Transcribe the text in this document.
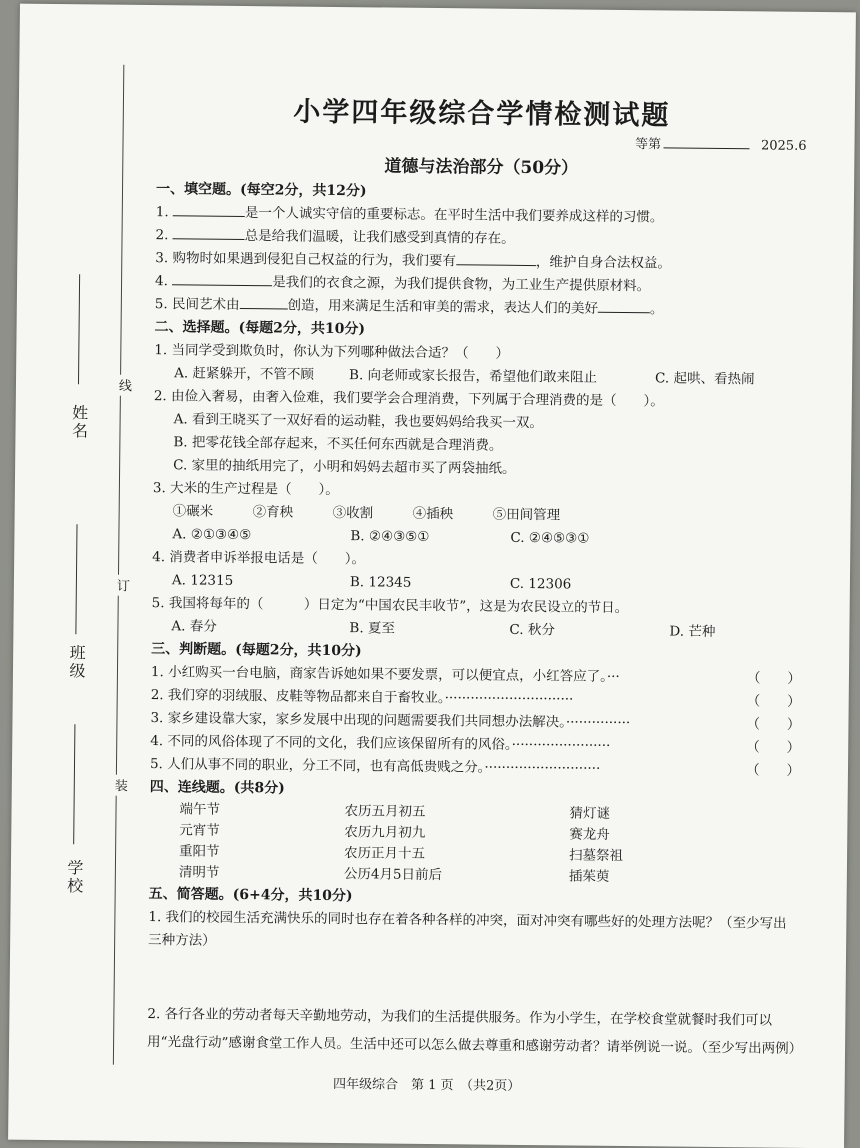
线
订
装
姓名
班级
学校

小学四年级综合学情检测试题

等第	2025.6

道德与法治部分（50分）

一、填空题。(每空2分，共12分)

1.	是一个人诚实守信的重要标志。在平时生活中我们要养成这样的习惯。

2.	总是给我们温暖，让我们感受到真情的存在。

3. 购物时如果遇到侵犯自己权益的行为，我们要有	，维护自身合法权益。

4.	是我们的衣食之源，为我们提供食物，为工业生产提供原材料。

5. 民间艺术由	创造，用来满足生活和审美的需求，表达人们的美好	。

二、选择题。(每题2分，共10分)

1. 当同学受到欺负时，你认为下列哪种做法合适？（　　）

A. 赶紧躲开，不管不顾	B. 向老师或家长报告，希望他们敢来阻止	C. 起哄、看热闹

2. 由俭入奢易，由奢入俭难，我们要学会合理消费，下列属于合理消费的是（　　）。

A. 看到王晓买了一双好看的运动鞋，我也要妈妈给我买一双。

B. 把零花钱全部存起来，不买任何东西就是合理消费。

C. 家里的抽纸用完了，小明和妈妈去超市买了两袋抽纸。

3. 大米的生产过程是（　　）。

①碾米	②育秧	③收割	④插秧	⑤田间管理

A. ②①③④⑤	B. ②④③⑤①	C. ②④⑤③①

4. 消费者申诉举报电话是（　　）。

A. 12315	B. 12345	C. 12306

5. 我国将每年的（　　　）日定为“中国农民丰收节”，这是为农民设立的节日。

A. 春分	B. 夏至	C. 秋分	D. 芒种

三、判断题。(每题2分，共10分)

1. 小红购买一台电脑，商家告诉她如果不要发票，可以便宜点，小红答应了。···	（　　）

2. 我们穿的羽绒服、皮鞋等物品都来自于畜牧业。······························	（　　）

3. 家乡建设靠大家，家乡发展中出现的问题需要我们共同想办法解决。···············	（　　）

4. 不同的风俗体现了不同的文化，我们应该保留所有的风俗。·······················	（　　）

5. 人们从事不同的职业，分工不同，也有高低贵贱之分。···························	（　　）

四、连线题。(共8分)

端午节	农历五月初五	猜灯谜
元宵节	农历九月初九	赛龙舟
重阳节	农历正月十五	扫墓祭祖
清明节	公历4月5日前后	插茱萸

五、简答题。(6+4分，共10分)

1. 我们的校园生活充满快乐的同时也存在着各种各样的冲突，面对冲突有哪些好的处理方法呢？（至少写出三种方法）

2. 各行各业的劳动者每天辛勤地劳动，为我们的生活提供服务。作为小学生，在学校食堂就餐时我们可以用“光盘行动”感谢食堂工作人员。生活中还可以怎么做去尊重和感谢劳动者？请举例说一说。（至少写出两例）

四年级综合　第 1 页　（共2页）
